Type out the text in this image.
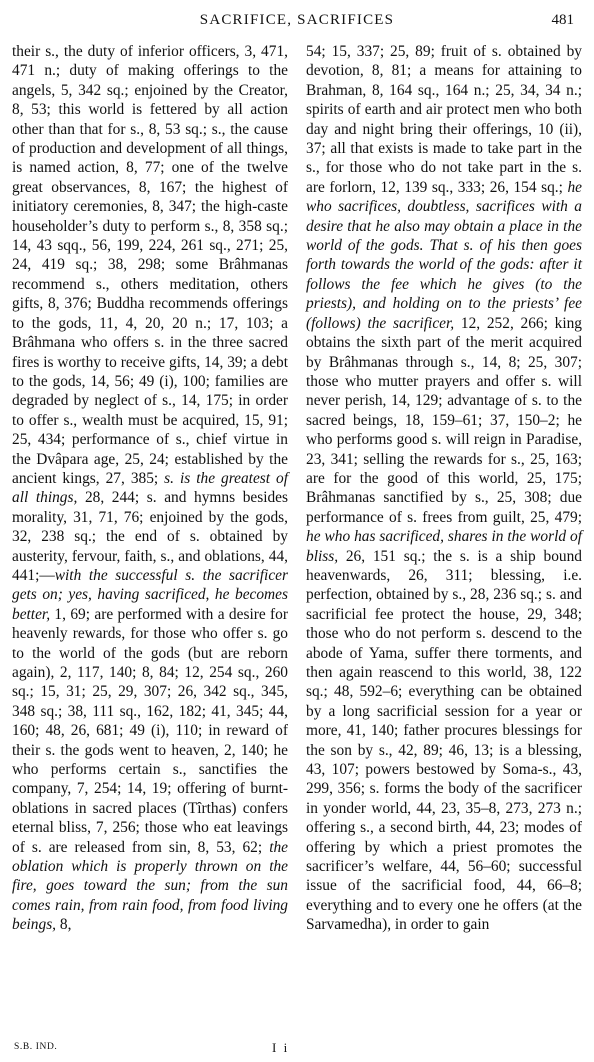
SACRIFICE, SACRIFICES	481

their s., the duty of inferior officers, 3, 471, 471 n.; duty of making offerings to the angels, 5, 342 sq.; enjoined by the Creator, 8, 53; this world is fettered by all action other than that for s., 8, 53 sq.; s., the cause of production and development of all things, is named action, 8, 77; one of the twelve great observances, 8, 167; the highest of initiatory ceremonies, 8, 347; the high-caste householder’s duty to perform s., 8, 358 sq.; 14, 43 sqq., 56, 199, 224, 261 sq., 271; 25, 24, 419 sq.; 38, 298; some Brâhmanas recommend s., others meditation, others gifts, 8, 376; Buddha recommends offerings to the gods, 11, 4, 20, 20 n.; 17, 103; a Brâhmana who offers s. in the three sacred fires is worthy to receive gifts, 14, 39; a debt to the gods, 14, 56; 49 (i), 100; families are degraded by neglect of s., 14, 175; in order to offer s., wealth must be acquired, 15, 91; 25, 434; performance of s., chief virtue in the Dvâpara age, 25, 24; established by the ancient kings, 27, 385; s. is the greatest of all things, 28, 244; s. and hymns besides morality, 31, 71, 76; enjoined by the gods, 32, 238 sq.; the end of s. obtained by austerity, fervour, faith, s., and oblations, 44, 441;—with the successful s. the sacrificer gets on; yes, having sacrificed, he becomes better, 1, 69; are performed with a desire for heavenly rewards, for those who offer s. go to the world of the gods (but are reborn again), 2, 117, 140; 8, 84; 12, 254 sq., 260 sq.; 15, 31; 25, 29, 307; 26, 342 sq., 345, 348 sq.; 38, 111 sq., 162, 182; 41, 345; 44, 160; 48, 26, 681; 49 (i), 110; in reward of their s. the gods went to heaven, 2, 140; he who performs certain s., sanctifies the company, 7, 254; 14, 19; offering of burnt-oblations in sacred places (Tîrthas) confers eternal bliss, 7, 256; those who eat leavings of s. are released from sin, 8, 53, 62; the oblation which is properly thrown on the fire, goes toward the sun; from the sun comes rain, from rain food, from food living beings, 8,

54; 15, 337; 25, 89; fruit of s. obtained by devotion, 8, 81; a means for attaining to Brahman, 8, 164 sq., 164 n.; 25, 34, 34 n.; spirits of earth and air protect men who both day and night bring their offerings, 10 (ii), 37; all that exists is made to take part in the s., for those who do not take part in the s. are forlorn, 12, 139 sq., 333; 26, 154 sq.; he who sacrifices, doubtless, sacrifices with a desire that he also may obtain a place in the world of the gods. That s. of his then goes forth towards the world of the gods: after it follows the fee which he gives (to the priests), and holding on to the priests’ fee (follows) the sacrificer, 12, 252, 266; king obtains the sixth part of the merit acquired by Brâhmanas through s., 14, 8; 25, 307; those who mutter prayers and offer s. will never perish, 14, 129; advantage of s. to the sacred beings, 18, 159–61; 37, 150–2; he who performs good s. will reign in Paradise, 23, 341; selling the rewards for s., 25, 163; are for the good of this world, 25, 175; Brâhmanas sanctified by s., 25, 308; due performance of s. frees from guilt, 25, 479; he who has sacrificed, shares in the world of bliss, 26, 151 sq.; the s. is a ship bound heavenwards, 26, 311; blessing, i.e. perfection, obtained by s., 28, 236 sq.; s. and sacrificial fee protect the house, 29, 348; those who do not perform s. descend to the abode of Yama, suffer there torments, and then again reascend to this world, 38, 122 sq.; 48, 592–6; everything can be obtained by a long sacrificial session for a year or more, 41, 140; father procures blessings for the son by s., 42, 89; 46, 13; is a blessing, 43, 107; powers bestowed by Soma-s., 43, 299, 356; s. forms the body of the sacrificer in yonder world, 44, 23, 35–8, 273, 273 n.; offering s., a second birth, 44, 23; modes of offering by which a priest promotes the sacrificer’s welfare, 44, 56–60; successful issue of the sacrificial food, 44, 66–8; everything and to every one he offers (at the Sarvamedha), in order to gain

S.B. IND.	I i
